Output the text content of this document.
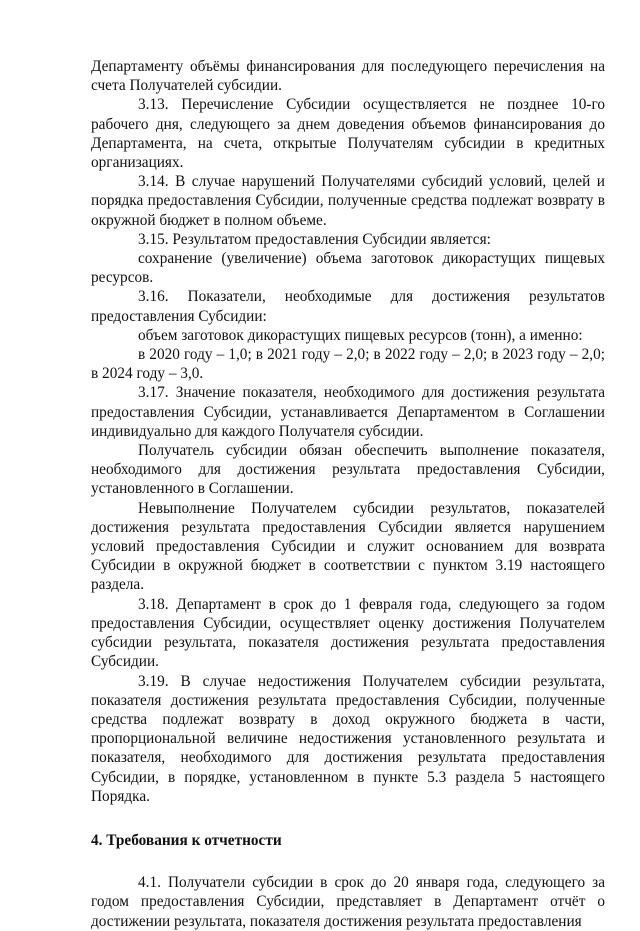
Департаменту объёмы финансирования для последующего перечисления на счета Получателей субсидии.

3.13. Перечисление Субсидии осуществляется не позднее 10-го рабочего дня, следующего за днем доведения объемов финансирования до Департамента, на счета, открытые Получателям субсидии в кредитных организациях.

3.14. В случае нарушений Получателями субсидий условий, целей и порядка предоставления Субсидии, полученные средства подлежат возврату в окружной бюджет в полном объеме.

3.15. Результатом предоставления Субсидии является:

сохранение (увеличение) объема заготовок дикорастущих пищевых ресурсов.

3.16. Показатели, необходимые для достижения результатов предоставления Субсидии:

объем заготовок дикорастущих пищевых ресурсов (тонн), а именно:

в 2020 году – 1,0; в 2021 году – 2,0; в 2022 году – 2,0; в 2023 году – 2,0; в 2024 году – 3,0.

3.17. Значение показателя, необходимого для достижения результата предоставления Субсидии, устанавливается Департаментом в Соглашении индивидуально для каждого Получателя субсидии.

Получатель субсидии обязан обеспечить выполнение показателя, необходимого для достижения результата предоставления Субсидии, установленного в Соглашении.

Невыполнение Получателем субсидии результатов, показателей достижения результата предоставления Субсидии является нарушением условий предоставления Субсидии и служит основанием для возврата Субсидии в окружной бюджет в соответствии с пунктом 3.19 настоящего раздела.

3.18. Департамент в срок до 1 февраля года, следующего за годом предоставления Субсидии, осуществляет оценку достижения Получателем субсидии результата, показателя достижения результата предоставления Субсидии.

3.19. В случае недостижения Получателем субсидии результата, показателя достижения результата предоставления Субсидии, полученные средства подлежат возврату в доход окружного бюджета в части, пропорциональной величине недостижения установленного результата и показателя, необходимого для достижения результата предоставления Субсидии, в порядке, установленном в пункте 5.3 раздела 5 настоящего Порядка.

4. Требования к отчетности

4.1. Получатели субсидии в срок до 20 января года, следующего за годом предоставления Субсидии, представляет в Департамент отчёт о достижении результата, показателя достижения результата предоставления
